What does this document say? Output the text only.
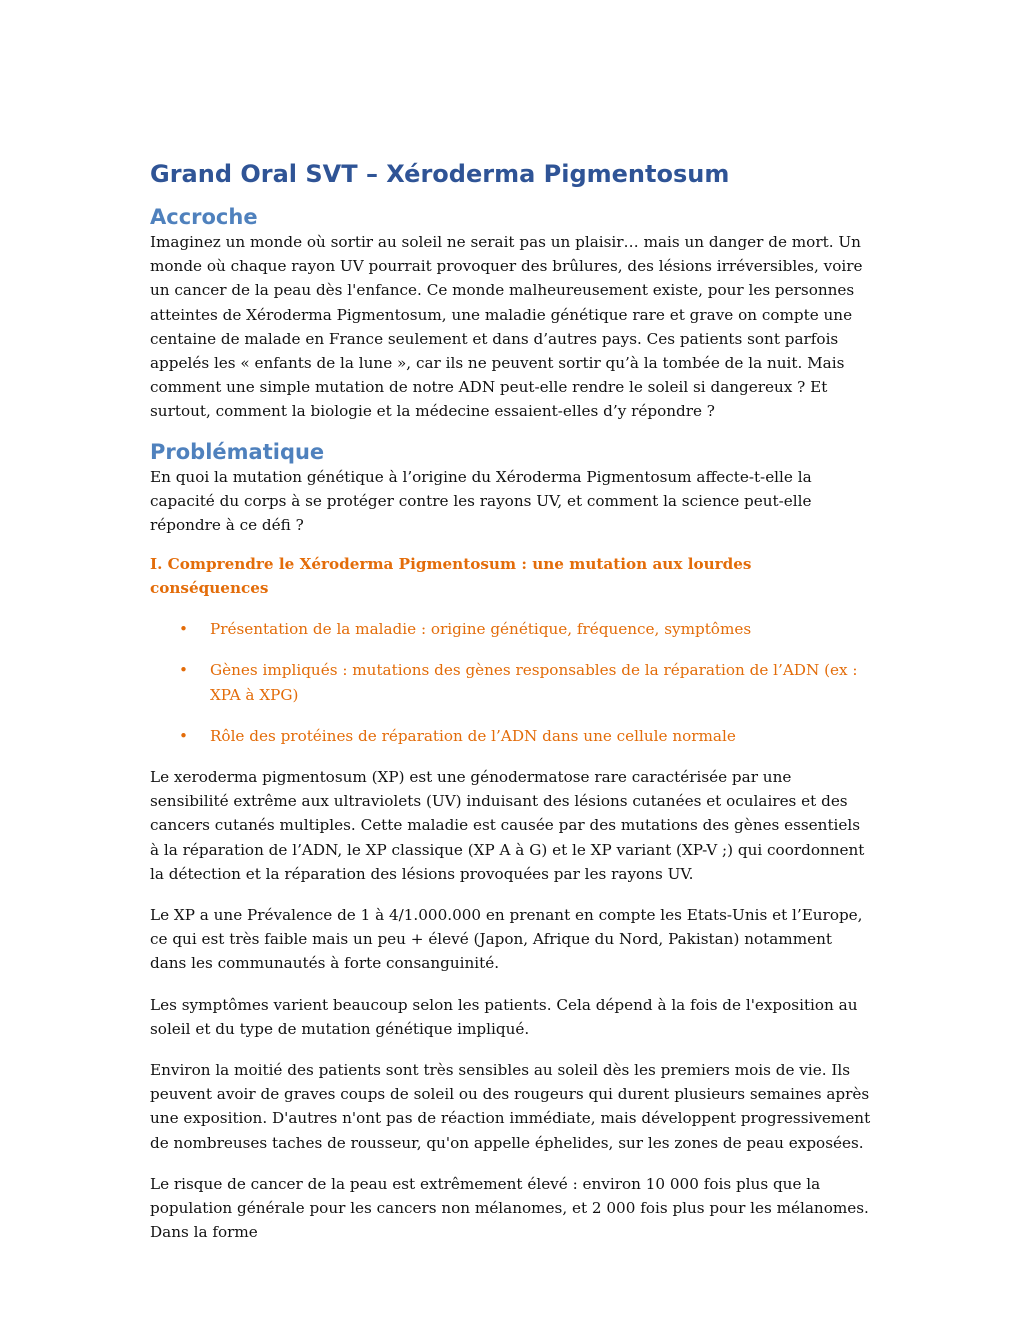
Grand Oral SVT – Xéroderma Pigmentosum
Accroche

Imaginez un monde où sortir au soleil ne serait pas un plaisir… mais un danger de mort. Un monde où chaque rayon UV pourrait provoquer des brûlures, des lésions irréversibles, voire un cancer de la peau dès l'enfance. Ce monde malheureusement existe, pour les personnes atteintes de Xéroderma Pigmentosum, une maladie génétique rare et grave on compte une centaine de malade en France seulement et dans d’autres pays. Ces patients sont parfois appelés les « enfants de la lune », car ils ne peuvent sortir qu’à la tombée de la nuit. Mais comment une simple mutation de notre ADN peut-elle rendre le soleil si dangereux ? Et surtout, comment la biologie et la médecine essaient-elles d’y répondre ?

Problématique

En quoi la mutation génétique à l’origine du Xéroderma Pigmentosum affecte-t-elle la capacité du corps à se protéger contre les rayons UV, et comment la science peut-elle répondre à ce défi ?

I. Comprendre le Xéroderma Pigmentosum : une mutation aux lourdes conséquences
• Présentation de la maladie : origine génétique, fréquence, symptômes
• Gènes impliqués : mutations des gènes responsables de la réparation de l’ADN (ex : XPA à XPG)
• Rôle des protéines de réparation de l’ADN dans une cellule normale

Le xeroderma pigmentosum (XP) est une génodermatose rare caractérisée par une sensibilité extrême aux ultraviolets (UV) induisant des lésions cutanées et oculaires et des cancers cutanés multiples. Cette maladie est causée par des mutations des gènes essentiels à la réparation de l’ADN, le XP classique (XP A à G) et le XP variant (XP-V ;) qui coordonnent la détection et la réparation des lésions provoquées par les rayons UV.

Le XP a une Prévalence de 1 à 4/1.000.000 en prenant en compte les Etats-Unis et l’Europe, ce qui est très faible mais un peu + élevé (Japon, Afrique du Nord, Pakistan) notamment dans les communautés à forte consanguinité.

Les symptômes varient beaucoup selon les patients. Cela dépend à la fois de l'exposition au soleil et du type de mutation génétique impliqué.

Environ la moitié des patients sont très sensibles au soleil dès les premiers mois de vie. Ils peuvent avoir de graves coups de soleil ou des rougeurs qui durent plusieurs semaines après une exposition. D'autres n'ont pas de réaction immédiate, mais développent progressivement de nombreuses taches de rousseur, qu'on appelle éphelides, sur les zones de peau exposées.

Le risque de cancer de la peau est extrêmement élevé : environ 10 000 fois plus que la population générale pour les cancers non mélanomes, et 2 000 fois plus pour les mélanomes. Dans la forme
